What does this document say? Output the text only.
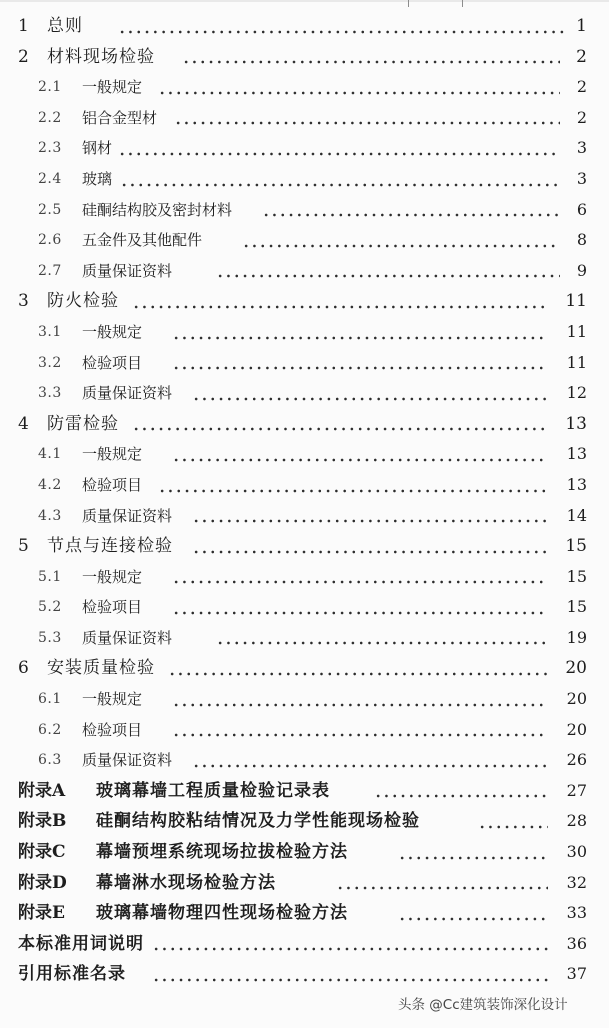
1 总则	1
2 材料现场检验	2
2.1 一般规定	2
2.2 铝合金型材	2
2.3 钢材	3
2.4 玻璃	3
2.5 硅酮结构胶及密封材料	6
2.6 五金件及其他配件	8
2.7 质量保证资料	9
3 防火检验	11
3.1 一般规定	11
3.2 检验项目	11
3.3 质量保证资料	12
4 防雷检验	13
4.1 一般规定	13
4.2 检验项目	13
4.3 质量保证资料	14
5 节点与连接检验	15
5.1 一般规定	15
5.2 检验项目	15
5.3 质量保证资料	19
6 安装质量检验	20
6.1 一般规定	20
6.2 检验项目	20
6.3 质量保证资料	26
附录A 玻璃幕墙工程质量检验记录表	27
附录B 硅酮结构胶粘结情况及力学性能现场检验	28
附录C 幕墙预埋系统现场拉拔检验方法	30
附录D 幕墙淋水现场检验方法	32
附录E 玻璃幕墙物理四性现场检验方法	33
本标准用词说明	36
引用标准名录	37
头条 @Cc建筑装饰深化设计
